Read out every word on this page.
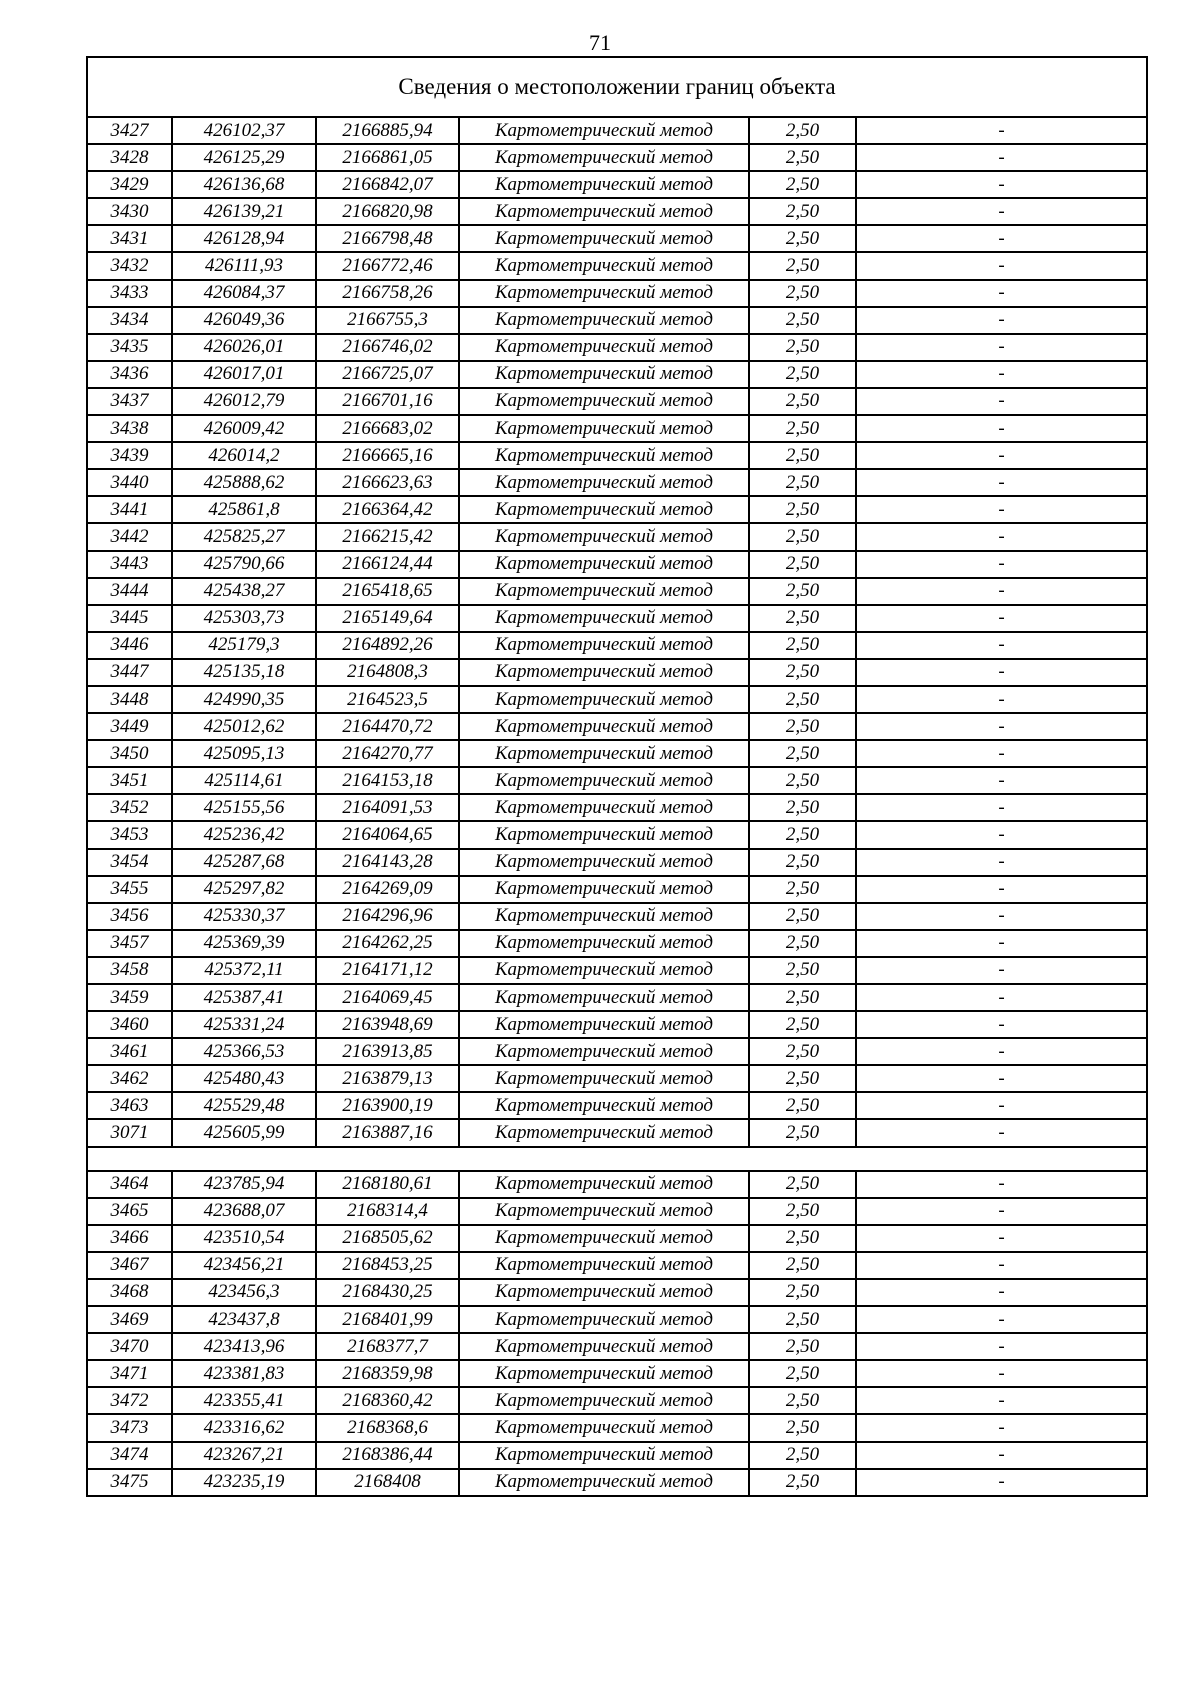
71
Сведения о местоположении границ объекта					
3427	426102,37	2166885,94	Картометрический метод	2,50	-
3428	426125,29	2166861,05	Картометрический метод	2,50	-
3429	426136,68	2166842,07	Картометрический метод	2,50	-
3430	426139,21	2166820,98	Картометрический метод	2,50	-
3431	426128,94	2166798,48	Картометрический метод	2,50	-
3432	426111,93	2166772,46	Картометрический метод	2,50	-
3433	426084,37	2166758,26	Картометрический метод	2,50	-
3434	426049,36	2166755,3	Картометрический метод	2,50	-
3435	426026,01	2166746,02	Картометрический метод	2,50	-
3436	426017,01	2166725,07	Картометрический метод	2,50	-
3437	426012,79	2166701,16	Картометрический метод	2,50	-
3438	426009,42	2166683,02	Картометрический метод	2,50	-
3439	426014,2	2166665,16	Картометрический метод	2,50	-
3440	425888,62	2166623,63	Картометрический метод	2,50	-
3441	425861,8	2166364,42	Картометрический метод	2,50	-
3442	425825,27	2166215,42	Картометрический метод	2,50	-
3443	425790,66	2166124,44	Картометрический метод	2,50	-
3444	425438,27	2165418,65	Картометрический метод	2,50	-
3445	425303,73	2165149,64	Картометрический метод	2,50	-
3446	425179,3	2164892,26	Картометрический метод	2,50	-
3447	425135,18	2164808,3	Картометрический метод	2,50	-
3448	424990,35	2164523,5	Картометрический метод	2,50	-
3449	425012,62	2164470,72	Картометрический метод	2,50	-
3450	425095,13	2164270,77	Картометрический метод	2,50	-
3451	425114,61	2164153,18	Картометрический метод	2,50	-
3452	425155,56	2164091,53	Картометрический метод	2,50	-
3453	425236,42	2164064,65	Картометрический метод	2,50	-
3454	425287,68	2164143,28	Картометрический метод	2,50	-
3455	425297,82	2164269,09	Картометрический метод	2,50	-
3456	425330,37	2164296,96	Картометрический метод	2,50	-
3457	425369,39	2164262,25	Картометрический метод	2,50	-
3458	425372,11	2164171,12	Картометрический метод	2,50	-
3459	425387,41	2164069,45	Картометрический метод	2,50	-
3460	425331,24	2163948,69	Картометрический метод	2,50	-
3461	425366,53	2163913,85	Картометрический метод	2,50	-
3462	425480,43	2163879,13	Картометрический метод	2,50	-
3463	425529,48	2163900,19	Картометрический метод	2,50	-
3071	425605,99	2163887,16	Картометрический метод	2,50	-

3464	423785,94	2168180,61	Картометрический метод	2,50	-
3465	423688,07	2168314,4	Картометрический метод	2,50	-
3466	423510,54	2168505,62	Картометрический метод	2,50	-
3467	423456,21	2168453,25	Картометрический метод	2,50	-
3468	423456,3	2168430,25	Картометрический метод	2,50	-
3469	423437,8	2168401,99	Картометрический метод	2,50	-
3470	423413,96	2168377,7	Картометрический метод	2,50	-
3471	423381,83	2168359,98	Картометрический метод	2,50	-
3472	423355,41	2168360,42	Картометрический метод	2,50	-
3473	423316,62	2168368,6	Картометрический метод	2,50	-
3474	423267,21	2168386,44	Картометрический метод	2,50	-
3475	423235,19	2168408	Картометрический метод	2,50	-
